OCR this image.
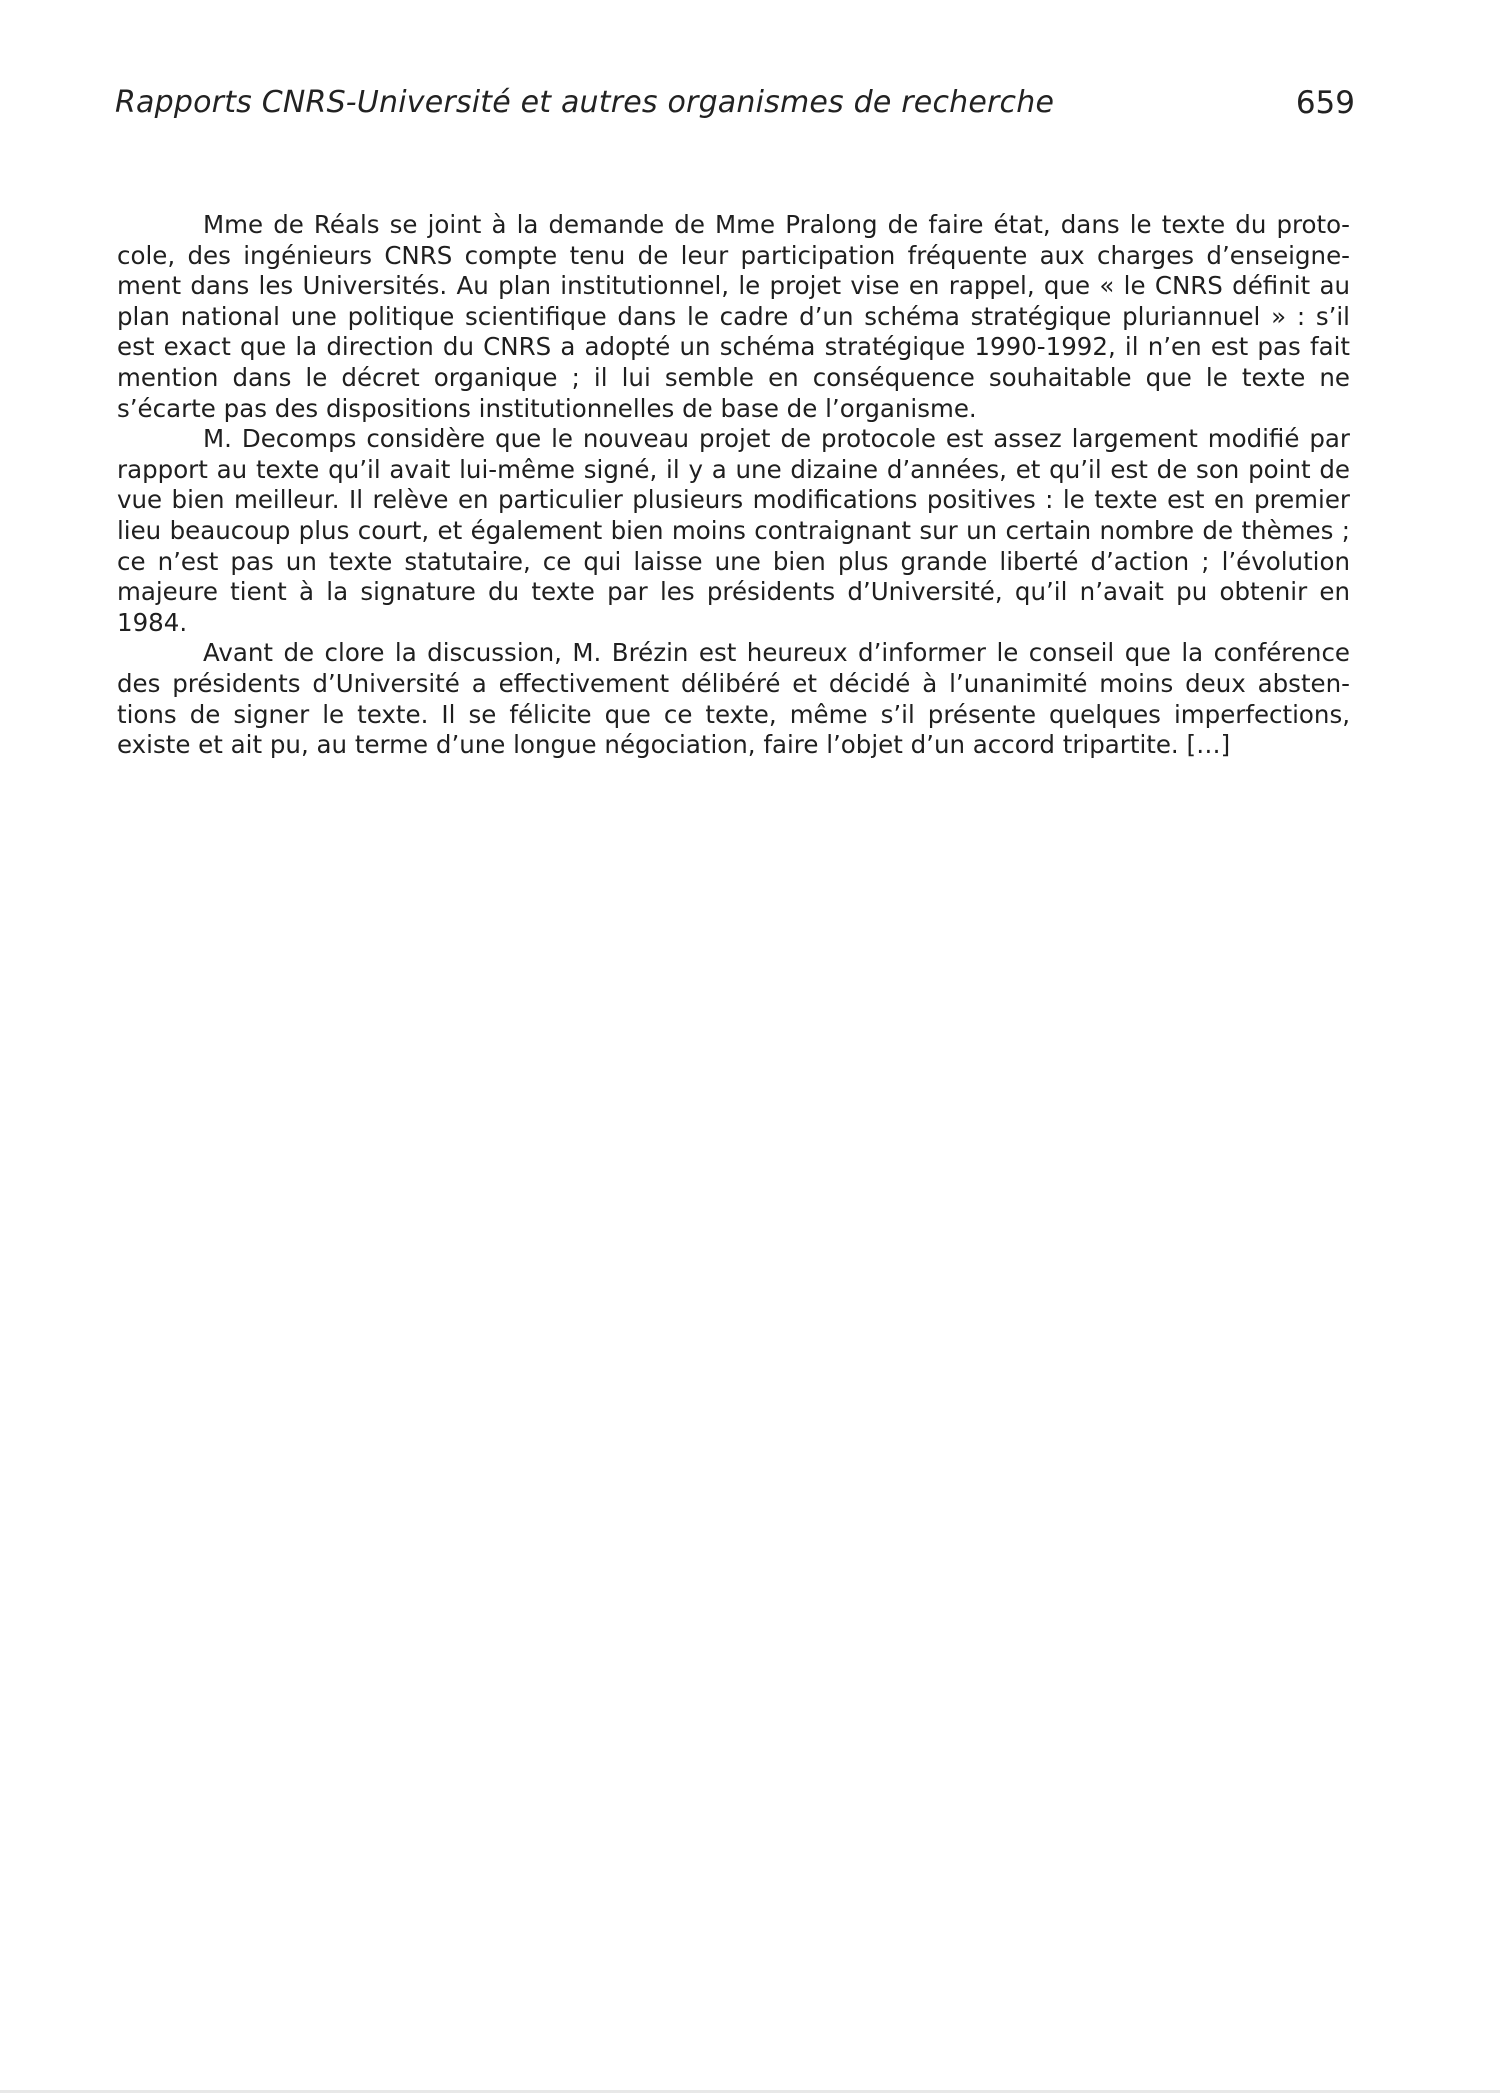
Rapports CNRS-Université et autres organismes de recherche	659

Mme de Réals se joint à la demande de Mme Pralong de faire état, dans le texte du protocole, des ingénieurs CNRS compte tenu de leur participation fréquente aux charges d’enseignement dans les Universités. Au plan institutionnel, le projet vise en rappel, que « le CNRS définit au plan national une politique scientifique dans le cadre d’un schéma stratégique pluriannuel » : s’il est exact que la direction du CNRS a adopté un schéma stratégique 1990-1992, il n’en est pas fait mention dans le décret organique ; il lui semble en conséquence souhaitable que le texte ne s’écarte pas des dispositions institutionnelles de base de l’organisme.

M. Decomps considère que le nouveau projet de protocole est assez largement modifié par rapport au texte qu’il avait lui-même signé, il y a une dizaine d’années, et qu’il est de son point de vue bien meilleur. Il relève en particulier plusieurs modifications positives : le texte est en premier lieu beaucoup plus court, et également bien moins contraignant sur un certain nombre de thèmes ; ce n’est pas un texte statutaire, ce qui laisse une bien plus grande liberté d’action ; l’évolution majeure tient à la signature du texte par les présidents d’Université, qu’il n’avait pu obtenir en 1984.

Avant de clore la discussion, M. Brézin est heureux d’informer le conseil que la conférence des présidents d’Université a effectivement délibéré et décidé à l’unanimité moins deux abstentions de signer le texte. Il se félicite que ce texte, même s’il présente quelques imperfections, existe et ait pu, au terme d’une longue négociation, faire l’objet d’un accord tripartite. […]
